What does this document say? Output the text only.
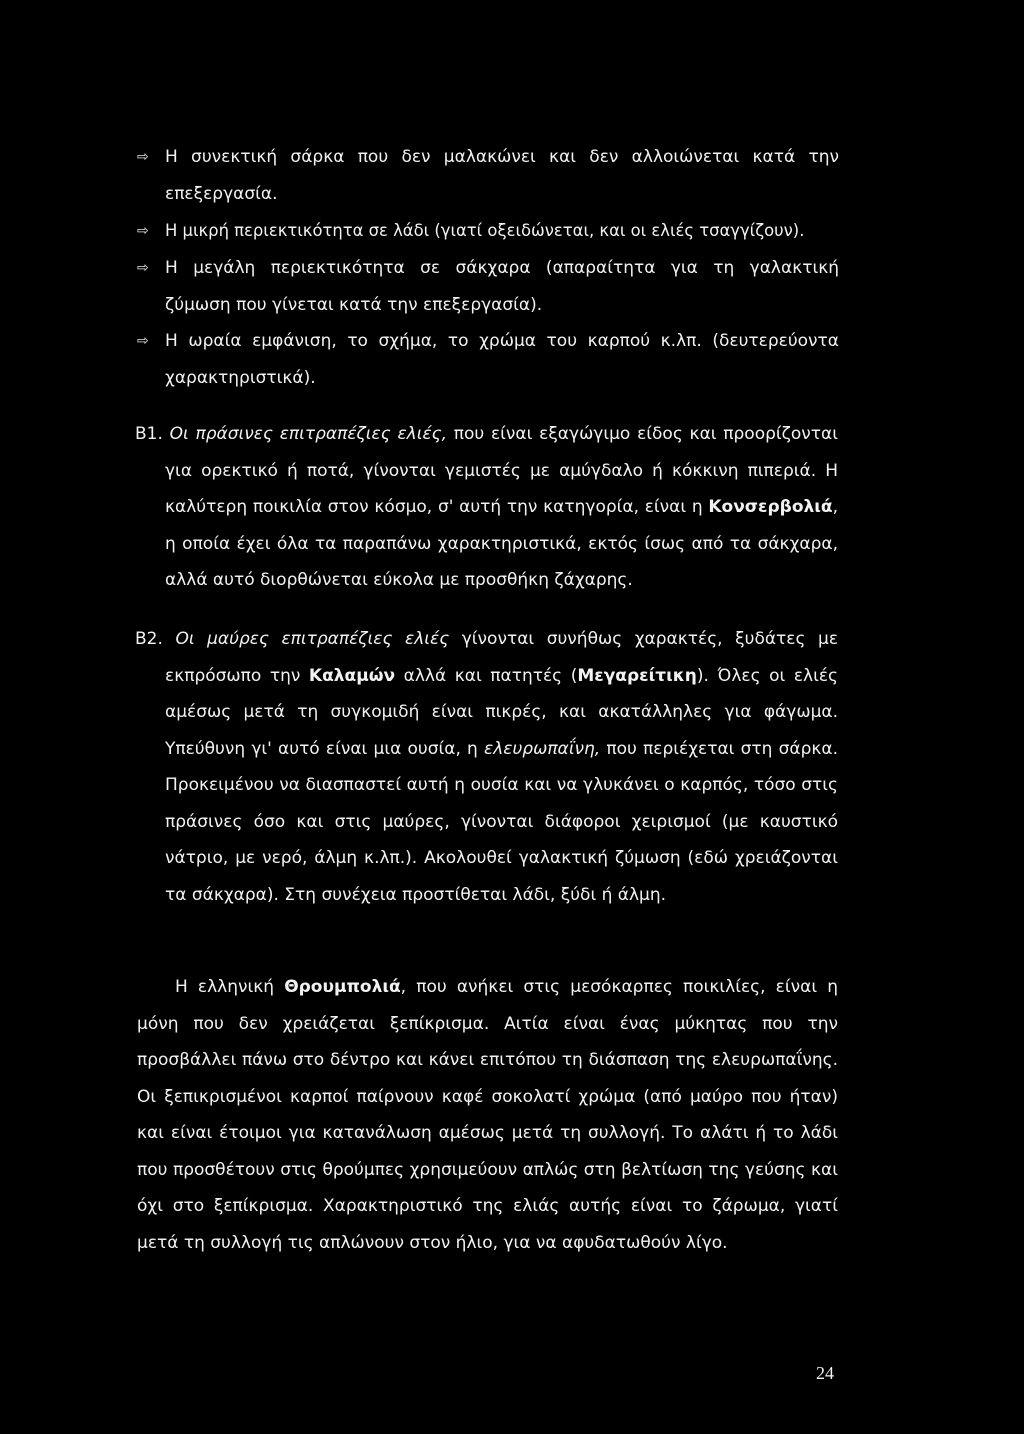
⇨ Η συνεκτική σάρκα που δεν μαλακώνει και δεν αλλοιώνεται κατά την
επεξεργασία.
⇨ Η μικρή περιεκτικότητα σε λάδι (γιατί οξειδώνεται, και οι ελιές τσαγγίζουν).
⇨ Η μεγάλη περιεκτικότητα σε σάκχαρα (απαραίτητα για τη γαλακτική
ζύμωση που γίνεται κατά την επεξεργασία).
⇨ Η ωραία εμφάνιση, το σχήμα, το χρώμα του καρπού κ.λπ. (δευτερεύοντα
χαρακτηριστικά).
Β1. Οι πράσινες επιτραπέζιες ελιές, που είναι εξαγώγιμο είδος και προορίζονται για ορεκτικό ή ποτά, γίνονται γεμιστές με αμύγδαλο ή κόκκινη πιπεριά. Η καλύτερη ποικιλία στον κόσμο, σ' αυτή την κατηγορία, είναι η Κονσερβολιά, η οποία έχει όλα τα παραπάνω χαρακτηριστικά, εκτός ίσως από τα σάκχαρα, αλλά αυτό διορθώνεται εύκολα με προσθήκη ζάχαρης.
Β2. Οι μαύρες επιτραπέζιες ελιές γίνονται συνήθως χαρακτές, ξυδάτες με εκπρόσωπο την Καλαμών αλλά και πατητές (Μεγαρείτικη). Όλες οι ελιές αμέσως μετά τη συγκομιδή είναι πικρές, και ακατάλληλες για φάγωμα. Υπεύθυνη γι' αυτό είναι μια ουσία, η ελευρωπαΐνη, που περιέχεται στη σάρκα. Προκειμένου να διασπαστεί αυτή η ουσία και να γλυκάνει ο καρπός, τόσο στις πράσινες όσο και στις μαύρες, γίνονται διάφοροι χειρισμοί (με καυστικό νάτριο, με νερό, άλμη κ.λπ.). Ακολουθεί γαλακτική ζύμωση (εδώ χρειάζονται τα σάκχαρα). Στη συνέχεια προστίθεται λάδι, ξύδι ή άλμη.
Η ελληνική Θρουμπολιά, που ανήκει στις μεσόκαρπες ποικιλίες, είναι η μόνη που δεν χρειάζεται ξεπίκρισμα. Αιτία είναι ένας μύκητας που την προσβάλλει πάνω στο δέντρο και κάνει επιτόπου τη διάσπαση της ελευρωπαΐνης. Οι ξεπικρισμένοι καρποί παίρνουν καφέ σοκολατί χρώμα (από μαύρο που ήταν) και είναι έτοιμοι για κατανάλωση αμέσως μετά τη συλλογή. Το αλάτι ή το λάδι που προσθέτουν στις θρούμπες χρησιμεύουν απλώς στη βελτίωση της γεύσης και όχι στο ξεπίκρισμα. Χαρακτηριστικό της ελιάς αυτής είναι το ζάρωμα, γιατί μετά τη συλλογή τις απλώνουν στον ήλιο, για να αφυδατωθούν λίγο.
24
